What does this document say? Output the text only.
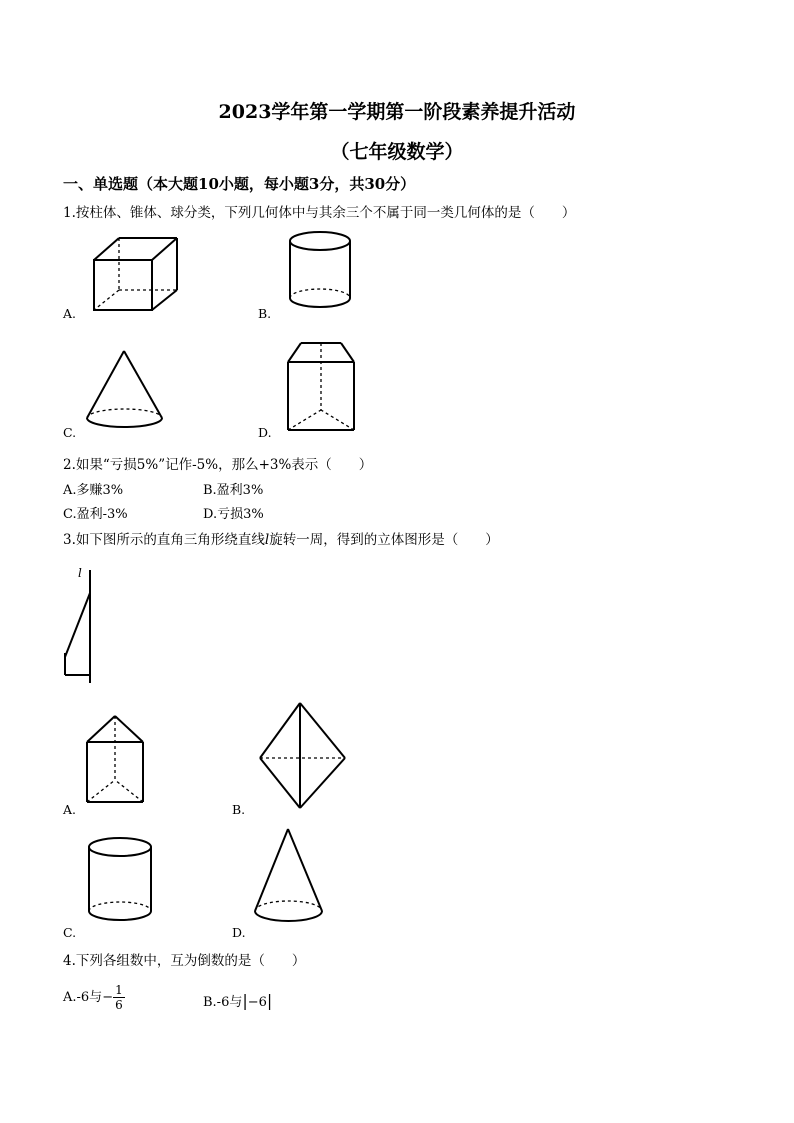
2023学年第一学期第一阶段素养提升活动
（七年级数学）
一、单选题（本大题10小题，每小题3分，共30分）
1.按柱体、锥体、球分类，下列几何体中与其余三个不属于同一类几何体的是（　　）
A.	B.
C.	D.
2.如果“亏损5%”记作-5%，那么+3%表示（　　）
A.多赚3%	B.盈利3%
C.盈利-3%	D.亏损3%
3.如下图所示的直角三角形绕直线l旋转一周，得到的立体图形是（　　）
l
A.	B.
C.	D.
4.下列各组数中，互为倒数的是（　　）
A.-6与− $\frac{1}{6}$	B.-6与|−6|
